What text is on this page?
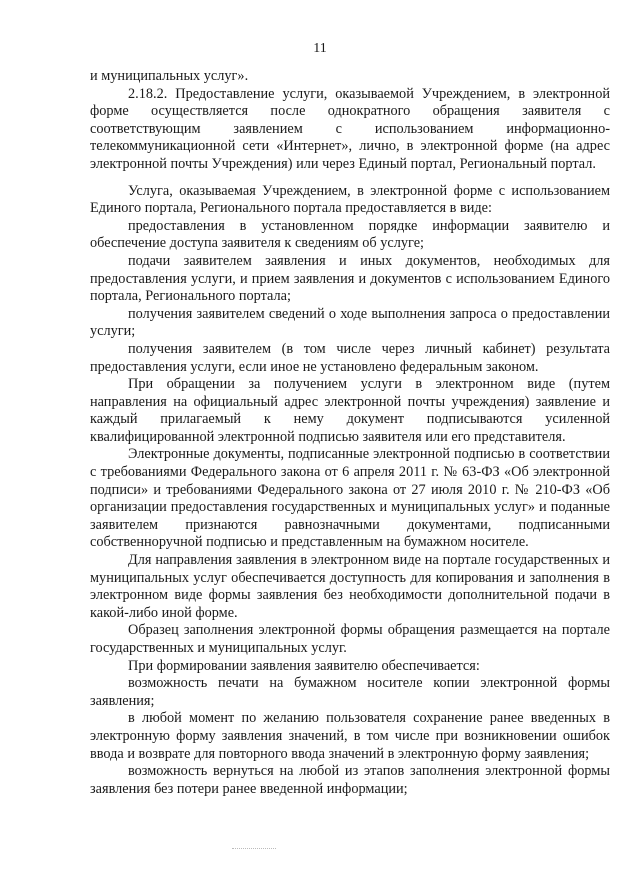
11

и муниципальных услуг».

2.18.2. Предоставление услуги, оказываемой Учреждением, в электронной форме осуществляется после однократного обращения заявителя с соответствующим заявлением с использованием информационно-телекоммуникационной сети «Интернет», лично, в электронной форме (на адрес электронной почты Учреждения) или через Единый портал, Региональный портал.

Услуга, оказываемая Учреждением, в электронной форме с использованием Единого портала, Регионального портала предоставляется в виде:

предоставления в установленном порядке информации заявителю и обеспечение доступа заявителя к сведениям об услуге;

подачи заявителем заявления и иных документов, необходимых для предоставления услуги, и прием заявления и документов с использованием Единого портала, Регионального портала;

получения заявителем сведений о ходе выполнения запроса о предоставлении услуги;

получения заявителем (в том числе через личный кабинет) результата предоставления услуги, если иное не установлено федеральным законом.

При обращении за получением услуги в электронном виде (путем направления на официальный адрес электронной почты учреждения) заявление и каждый прилагаемый к нему документ подписываются усиленной квалифицированной электронной подписью заявителя или его представителя.

Электронные документы, подписанные электронной подписью в соответствии с требованиями Федерального закона от 6 апреля 2011 г. № 63-ФЗ «Об электронной подписи» и требованиями Федерального закона от 27 июля 2010 г. № 210-ФЗ «Об организации предоставления государственных и муниципальных услуг» и поданные заявителем признаются равнозначными документами, подписанными собственноручной подписью и представленным на бумажном носителе.

Для направления заявления в электронном виде на портале государственных и муниципальных услуг обеспечивается доступность для копирования и заполнения в электронном виде формы заявления без необходимости дополнительной подачи в какой-либо иной форме.

Образец заполнения электронной формы обращения размещается на портале государственных и муниципальных услуг.

При формировании заявления заявителю обеспечивается:

возможность печати на бумажном носителе копии электронной формы заявления;

в любой момент по желанию пользователя сохранение ранее введенных в электронную форму заявления значений, в том числе при возникновении ошибок ввода и возврате для повторного ввода значений в электронную форму заявления;

возможность вернуться на любой из этапов заполнения электронной формы заявления без потери ранее введенной информации;
